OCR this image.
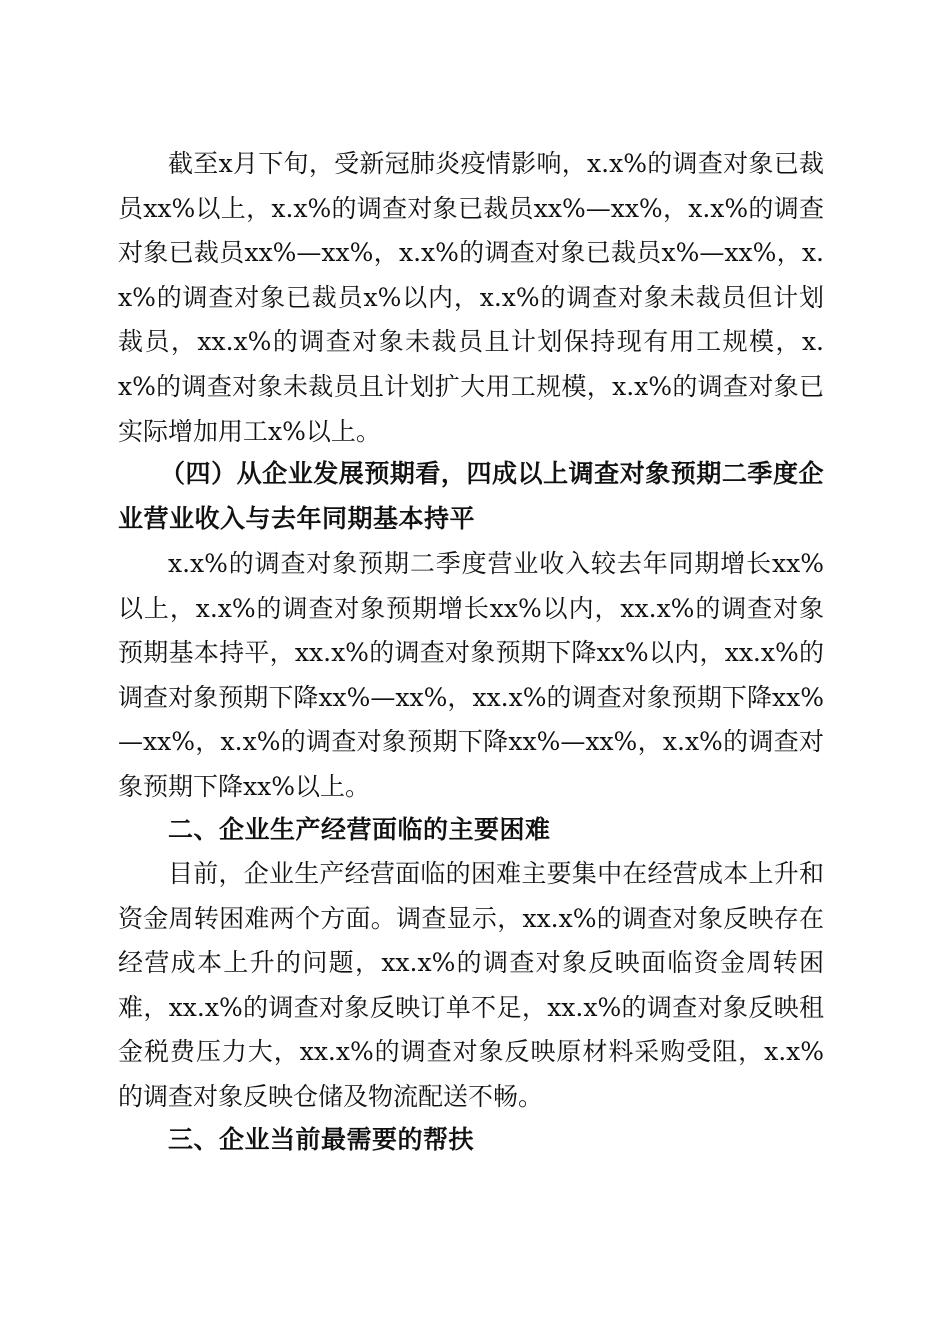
截至x月下旬，受新冠肺炎疫情影响，x.x%的调查对象已裁员xx%以上，x.x%的调查对象已裁员xx%—xx%，x.x%的调查对象已裁员xx%—xx%，x.x%的调查对象已裁员x%—xx%，x.x%的调查对象已裁员x%以内，x.x%的调查对象未裁员但计划裁员，xx.x%的调查对象未裁员且计划保持现有用工规模，x.x%的调查对象未裁员且计划扩大用工规模，x.x%的调查对象已实际增加用工x%以上。

（四）从企业发展预期看，四成以上调查对象预期二季度企业营业收入与去年同期基本持平

x.x%的调查对象预期二季度营业收入较去年同期增长xx%以上，x.x%的调查对象预期增长xx%以内，xx.x%的调查对象预期基本持平，xx.x%的调查对象预期下降xx%以内，xx.x%的调查对象预期下降xx%—xx%，xx.x%的调查对象预期下降xx%—xx%，x.x%的调查对象预期下降xx%—xx%，x.x%的调查对象预期下降xx%以上。

二、企业生产经营面临的主要困难

目前，企业生产经营面临的困难主要集中在经营成本上升和资金周转困难两个方面。调查显示，xx.x%的调查对象反映存在经营成本上升的问题，xx.x%的调查对象反映面临资金周转困难，xx.x%的调查对象反映订单不足，xx.x%的调查对象反映租金税费压力大，xx.x%的调查对象反映原材料采购受阻，x.x%的调查对象反映仓储及物流配送不畅。

三、企业当前最需要的帮扶
